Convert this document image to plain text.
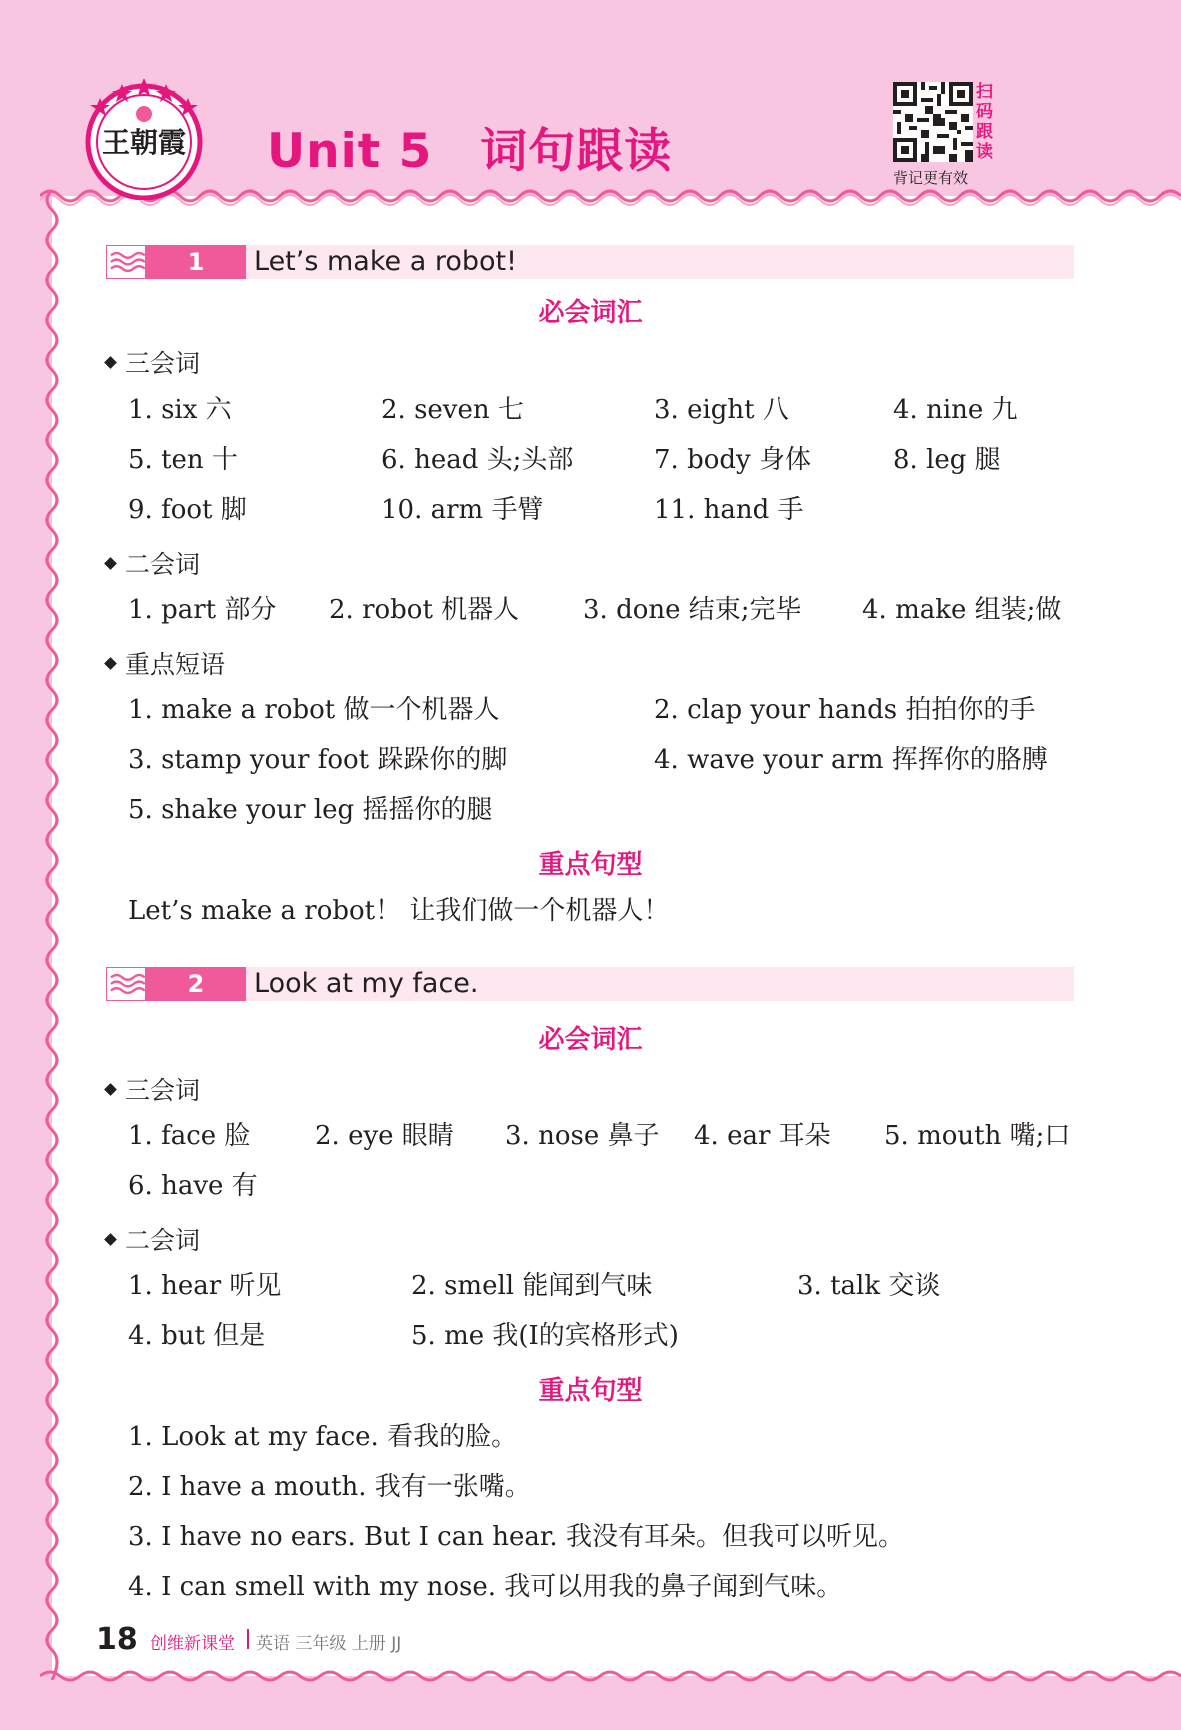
王朝霞 Unit 5 词句跟读
扫
码
跟
读
背记更有效
1	Let’s make a robot!
必会词汇
三会词
1. six 六	2. seven 七	3. eight 八	4. nine 九
5. ten 十	6. head 头;头部	7. body 身体	8. leg 腿
9. foot 脚	10. arm 手臂	11. hand 手
二会词
1. part 部分 2. robot 机器人 3. done 结束;完毕 4. make 组装;做
重点短语
1. make a robot 做一个机器人	2. clap your hands 拍拍你的手
3. stamp your foot 跺跺你的脚	4. wave your arm 挥挥你的胳膊
5. shake your leg 摇摇你的腿
重点句型
Let’s make a robot！ 让我们做一个机器人！
2	Look at my face.
必会词汇
三会词
1. face 脸 2. eye 眼睛 3. nose 鼻子 4. ear 耳朵 5. mouth 嘴;口
6. have 有
二会词
1. hear 听见	2. smell 能闻到气味	3. talk 交谈
4. but 但是	5. me 我(I的宾格形式)
重点句型
1. Look at my face. 看我的脸。
2. I have a mouth. 我有一张嘴。
3. I have no ears. But I can hear. 我没有耳朵。但我可以听见。
4. I can smell with my nose. 我可以用我的鼻子闻到气味。
18 创维新课堂 英语 三年级 上册 JJ
